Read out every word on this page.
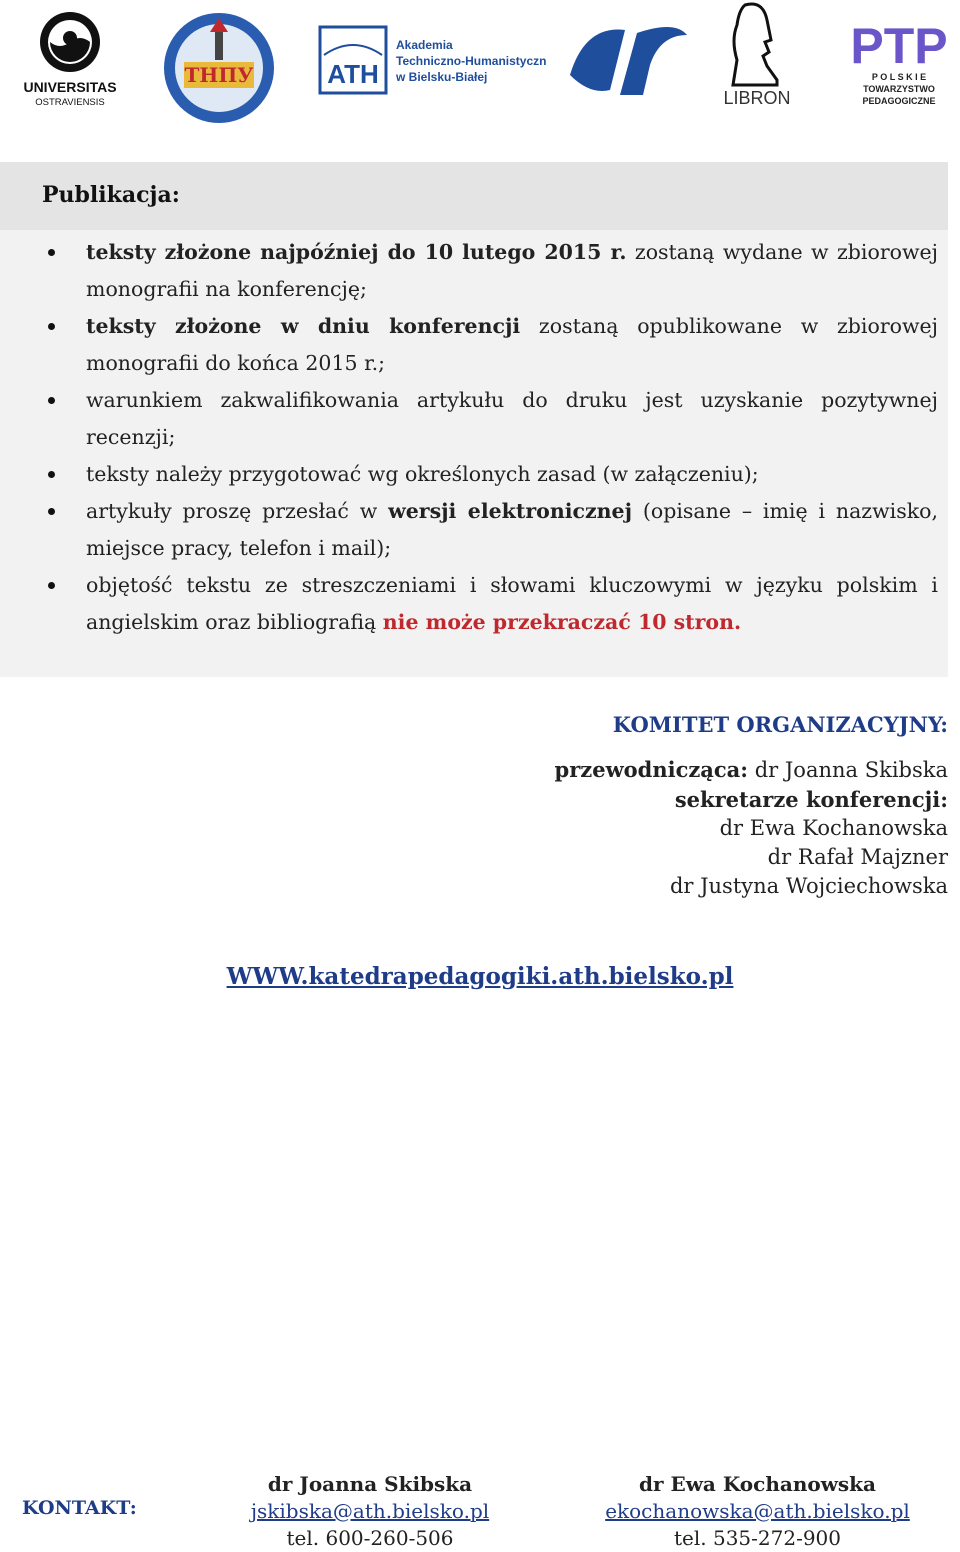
UNIVERSITAS
OSTRAVIENSIS
ТНПУ	ATH
Akademia
Techniczno-Humanistyczna
w Bielsku-Białej
LIBRON
PTP
P O L S K I E
TOWARZYSTWO
PEDAGOGICZNE
Publikacja:
teksty złożone najpóźniej do 10 lutego 2015 r. zostaną wydane w zbiorowej monografii na konferencję;
teksty złożone w dniu konferencji zostaną opublikowane w zbiorowej monografii do końca 2015 r.;
warunkiem zakwalifikowania artykułu do druku jest uzyskanie pozytywnej recenzji;
teksty należy przygotować wg określonych zasad (w załączeniu);
artykuły proszę przesłać w wersji elektronicznej (opisane – imię i nazwisko, miejsce pracy, telefon i mail);
objętość tekstu ze streszczeniami i słowami kluczowymi w języku polskim i angielskim oraz bibliografią nie może przekraczać 10 stron.
KOMITET ORGANIZACYJNY:
przewodnicząca: dr Joanna Skibska
sekretarze konferencji:
dr Ewa Kochanowska
dr Rafał Majzner
dr Justyna Wojciechowska
WWW.katedrapedagogiki.ath.bielsko.pl
KONTAKT:
dr Joanna Skibska
jskibska@ath.bielsko.pl
tel. 600-260-506
dr Ewa Kochanowska
ekochanowska@ath.bielsko.pl
tel. 535-272-900
